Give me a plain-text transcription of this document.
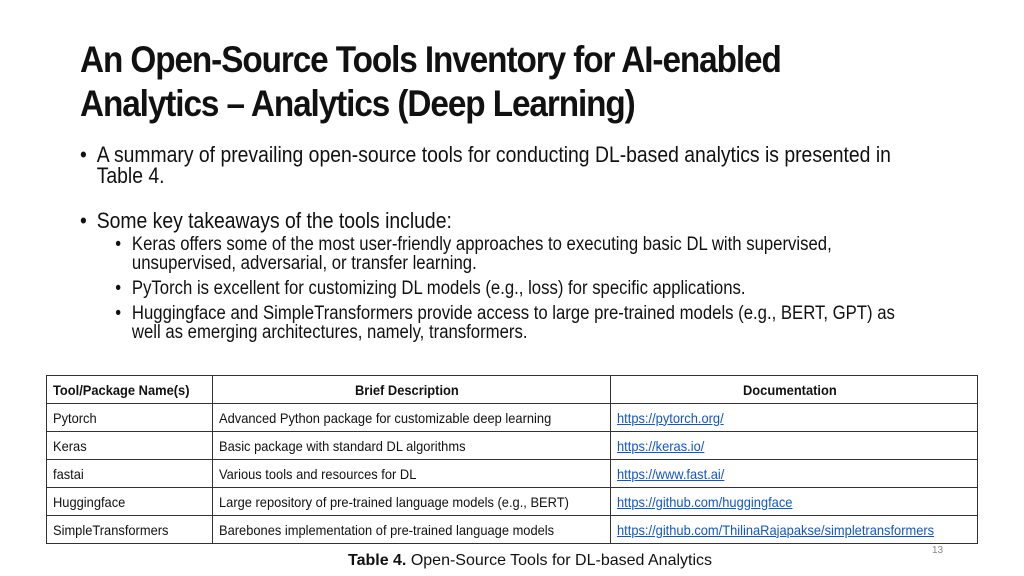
An Open-Source Tools Inventory for AI-enabled
Analytics – Analytics (Deep Learning)
• A summary of prevailing open-source tools for conducting DL-based analytics is presented in Table 4.
• Some key takeaways of the tools include:
• Keras offers some of the most user-friendly approaches to executing basic DL with supervised, unsupervised, adversarial, or transfer learning.
• PyTorch is excellent for customizing DL models (e.g., loss) for specific applications.
• Huggingface and SimpleTransformers provide access to large pre-trained models (e.g., BERT, GPT) as well as emerging architectures, namely, transformers.
Tool/Package Name(s)	Brief Description	Documentation
Pytorch	Advanced Python package for customizable deep learning	https://pytorch.org/
Keras	Basic package with standard DL algorithms	https://keras.io/
fastai	Various tools and resources for DL	https://www.fast.ai/
Huggingface	Large repository of pre-trained language models (e.g., BERT)	https://github.com/huggingface
SimpleTransformers	Barebones implementation of pre-trained language models	https://github.com/ThilinaRajapakse/simpletransformers
13
Table 4. Open-Source Tools for DL-based Analytics
